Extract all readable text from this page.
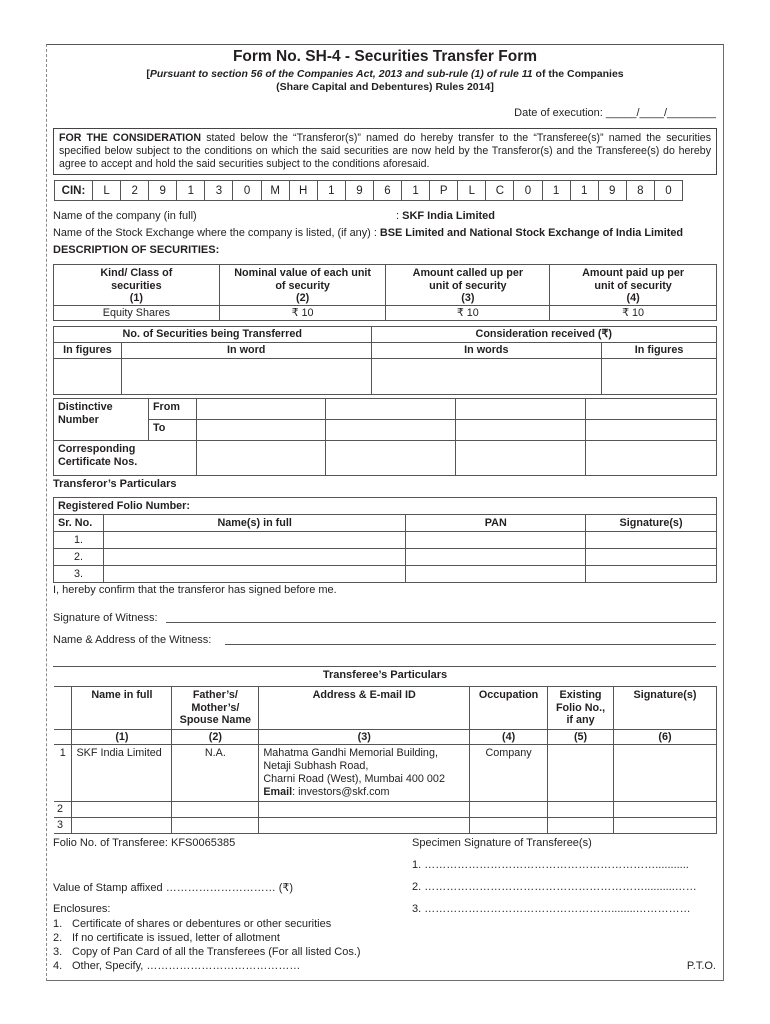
Form No. SH-4 - Securities Transfer Form
[Pursuant to section 56 of the Companies Act, 2013 and sub-rule (1) of rule 11 of the Companies
(Share Capital and Debentures) Rules 2014]
Date of execution: _____/____/________
FOR THE CONSIDERATION stated below the “Transferor(s)” named do hereby transfer to the “Transferee(s)” named the securities specified below subject to the conditions on which the said securities are now held by the Transferor(s) and the Transferee(s) do hereby agree to accept and hold the said securities subject to the conditions aforesaid.
CIN:	L	2	9	1	3	0	M	H	1	9	6	1	P	L	C	0	1	1	9	8	0
Name of the company (in full)	: SKF India Limited
Name of the Stock Exchange where the company is listed, (if any) : BSE Limited and National Stock Exchange of India Limited
DESCRIPTION OF SECURITIES:
Kind/ Class of
securities
(1)	Nominal value of each unit
of security
(2)	Amount called up per
unit of security
(3)	Amount paid up per
unit of security
(4)
Equity Shares	₹ 10	₹ 10	₹ 10
No. of Securities being Transferred		Consideration received (₹)	
In figures	In word	In words	In figures

Distinctive
Number	From				
	To				
Corresponding
Certificate Nos.					
Transferor’s Particulars
Registered Folio Number:			
Sr. No.	Name(s) in full	PAN	Signature(s)
1.			
2.			
3.			
I, hereby confirm that the transferor has signed before me.
Signature of Witness:
Name & Address of the Witness:
Transferee’s Particulars
	Name in full	Father’s/
Mother’s/
Spouse Name	Address & E-mail ID	Occupation	Existing
Folio No.,
if any	Signature(s)
	(1)	(2)	(3)	(4)	(5)	(6)
1	SKF India Limited	N.A.	Mahatma Gandhi Memorial Building,
Netaji Subhash Road,
Charni Road (West), Mumbai 400 002
Email: investors@skf.com	Company		
2						
3						
Folio No. of Transferee: KFS0065385	Specimen Signature of Transferee(s)
1. ………………………………………………………...........
Value of Stamp affixed ………………………… (₹)	2. ……………………………………………………..........……
Enclosures:	3. ……………………………………………........……………
1. Certificate of shares or debentures or other securities
2. If no certificate is issued, letter of allotment
3. Copy of Pan Card of all the Transferees (For all listed Cos.)
4. Other, Specify, ……………………………………	P.T.O.
